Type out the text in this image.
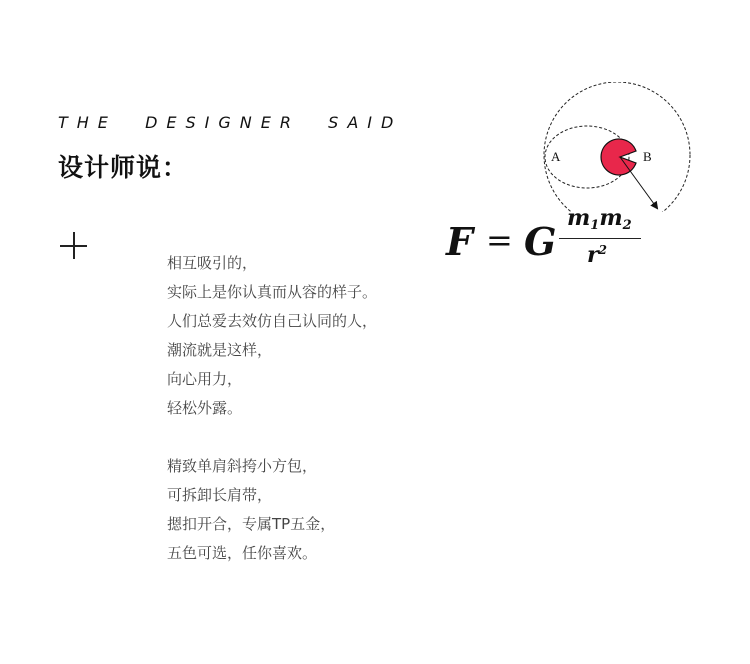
THE  DESIGNER  SAID
设计师说：
相互吸引的，
实际上是你认真而从容的样子。
人们总爱去效仿自己认同的人，
潮流就是这样，
向心用力，
轻松外露。
精致单肩斜挎小方包，
可拆卸长肩带，
摁扣开合，专属TP五金，
五色可选，任你喜欢。
A	B
F = G
$m_1m_2$
$r^2$
